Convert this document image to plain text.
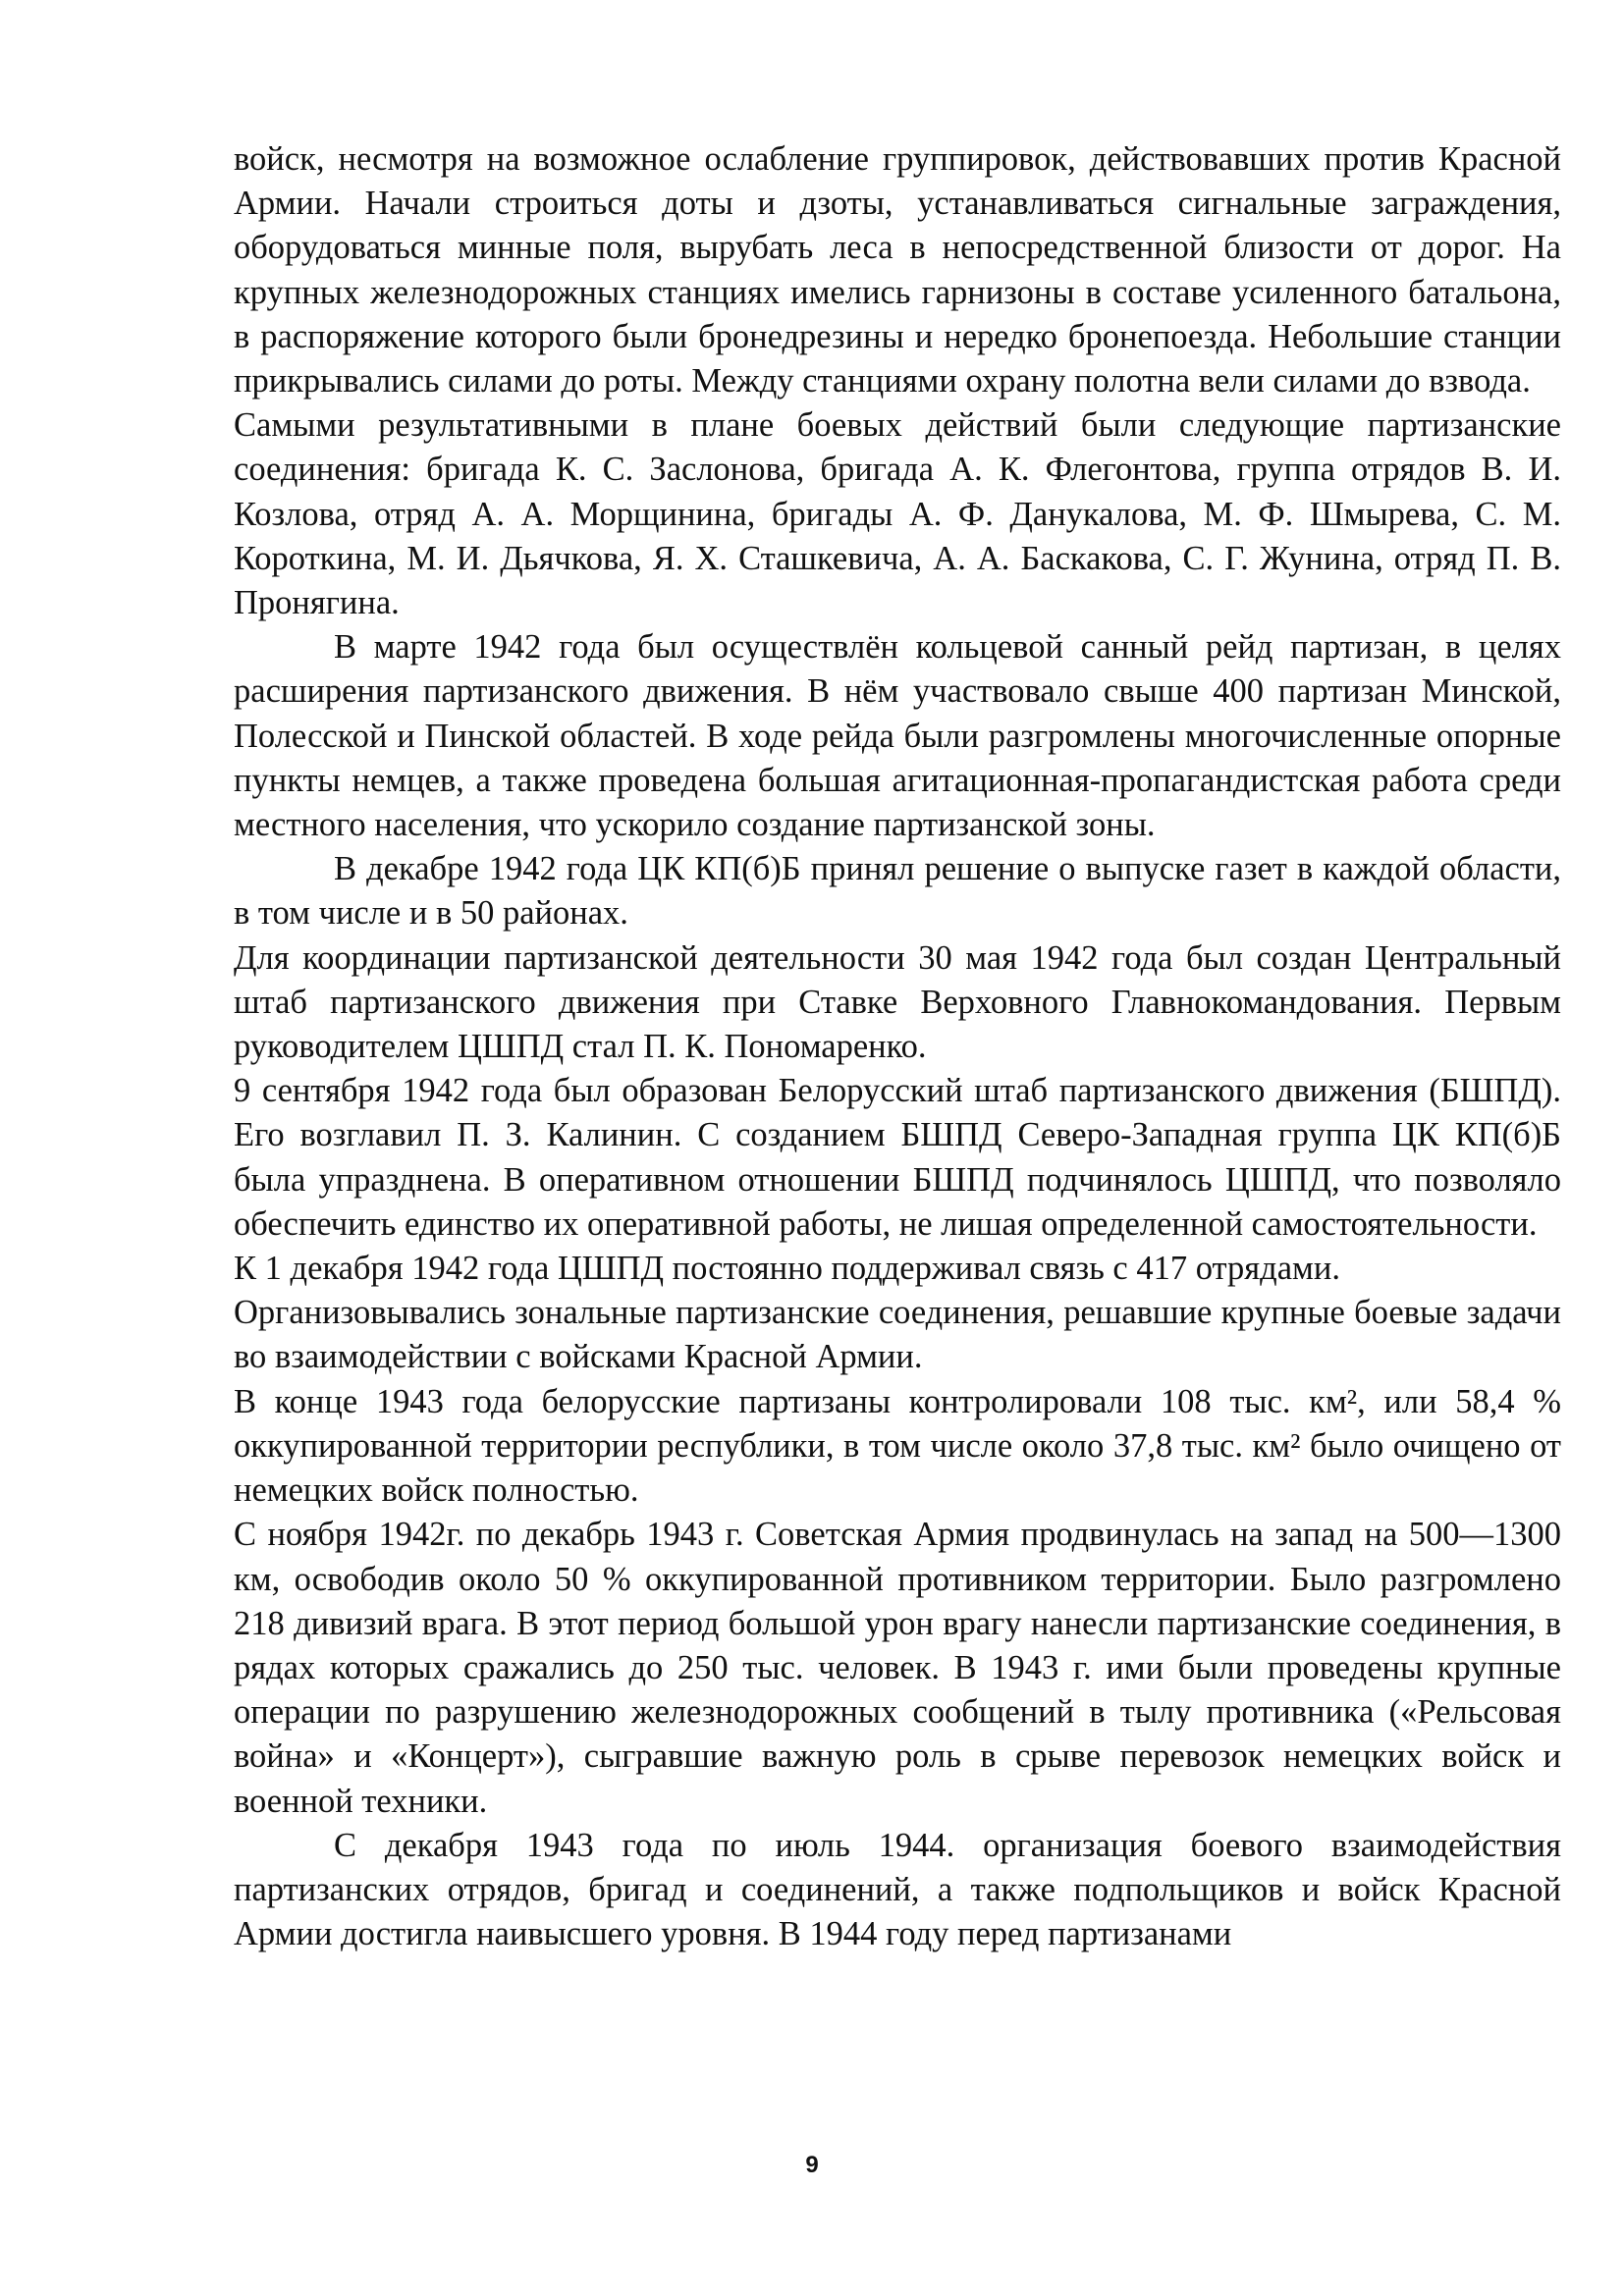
войск, несмотря на возможное ослабление группировок, действовавших против Красной Армии. Начали строиться доты и дзоты, устанавливаться сигнальные заграждения, оборудоваться минные поля, вырубать леса в непосредственной близости от дорог. На крупных железнодорожных станциях имелись гарнизоны в составе усиленного батальона, в распоряжение которого были бронедрезины и нередко бронепоезда. Небольшие станции прикрывались силами до роты. Между станциями охрану полотна вели силами до взвода.

Самыми результативными в плане боевых действий были следующие партизанские соединения: бригада К. С. Заслонова, бригада А. К. Флегонтова, группа отрядов В. И. Козлова, отряд А. А. Морщинина, бригады А. Ф. Данукалова, М. Ф. Шмырева, С. М. Короткина, М. И. Дьячкова, Я. Х. Сташкевича, А. А. Баскакова, С. Г. Жунина, отряд П. В. Пронягина.

В марте 1942 года был осуществлён кольцевой санный рейд партизан, в целях расширения партизанского движения. В нём участвовало свыше 400 партизан Минской, Полесской и Пинской областей. В ходе рейда были разгромлены многочисленные опорные пункты немцев, а также проведена большая агитационная-пропагандистская работа среди местного населения, что ускорило создание партизанской зоны.

В декабре 1942 года ЦК КП(б)Б принял решение о выпуске газет в каждой области, в том числе и в 50 районах.

Для координации партизанской деятельности 30 мая 1942 года был создан Центральный штаб партизанского движения при Ставке Верховного Главнокомандования. Первым руководителем ЦШПД стал П. К. Пономаренко.

9 сентября 1942 года был образован Белорусский штаб партизанского движения (БШПД). Его возглавил П. З. Калинин. С созданием БШПД Северо-Западная группа ЦК КП(б)Б была упразднена. В оперативном отношении БШПД подчинялось ЦШПД, что позволяло обеспечить единство их оперативной работы, не лишая определенной самостоятельности.

К 1 декабря 1942 года ЦШПД постоянно поддерживал связь с 417 отрядами.

Организовывались зональные партизанские соединения, решавшие крупные боевые задачи во взаимодействии с войсками Красной Армии.

В конце 1943 года белорусские партизаны контролировали 108 тыс. км², или 58,4 % оккупированной территории республики, в том числе около 37,8 тыс. км² было очищено от немецких войск полностью.

С ноября 1942г. по декабрь 1943 г. Советская Армия продвинулась на запад на 500—1300 км, освободив около 50 % оккупированной противником территории. Было разгромлено 218 дивизий врага. В этот период большой урон врагу нанесли партизанские соединения, в рядах которых сражались до 250 тыс. человек. В 1943 г. ими были проведены крупные операции по разрушению железнодорожных сообщений в тылу противника («Рельсовая война» и «Концерт»), сыгравшие важную роль в срыве перевозок немецких войск и военной техники.

С декабря 1943 года по июль 1944. организация боевого взаимодействия партизанских отрядов, бригад и соединений, а также подпольщиков и войск Красной Армии достигла наивысшего уровня. В 1944 году перед партизанами

9
